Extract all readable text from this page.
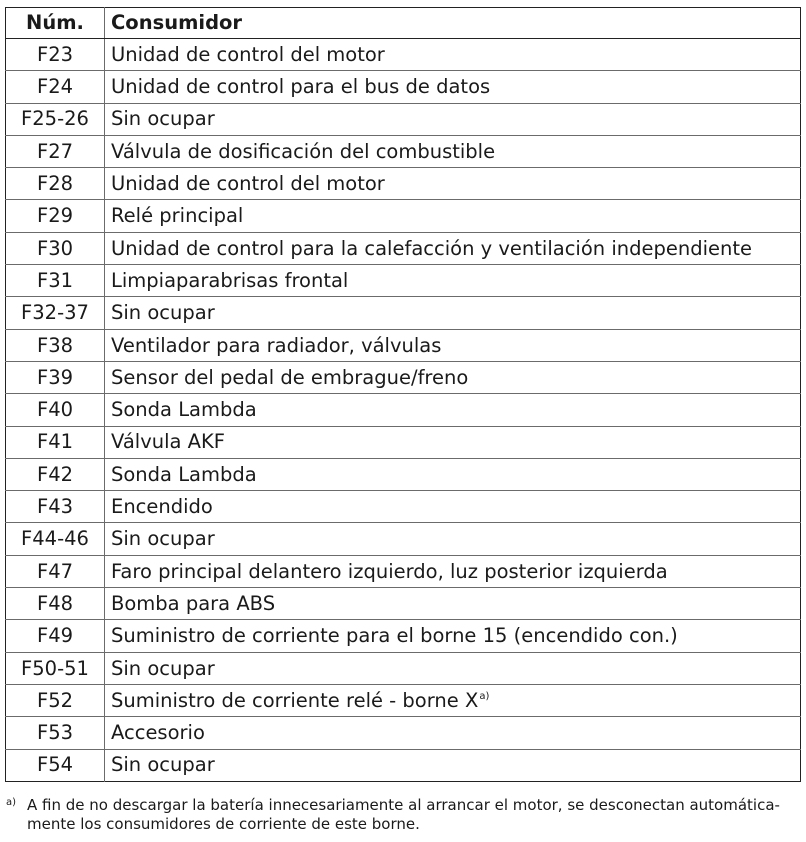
Núm.	Consumidor
F23	Unidad de control del motor
F24	Unidad de control para el bus de datos
F25-26	Sin ocupar
F27	Válvula de dosificación del combustible
F28	Unidad de control del motor
F29	Relé principal
F30	Unidad de control para la calefacción y ventilación independiente
F31	Limpiaparabrisas frontal
F32-37	Sin ocupar
F38	Ventilador para radiador, válvulas
F39	Sensor del pedal de embrague/freno
F40	Sonda Lambda
F41	Válvula AKF
F42	Sonda Lambda
F43	Encendido
F44-46	Sin ocupar
F47	Faro principal delantero izquierdo, luz posterior izquierda
F48	Bomba para ABS
F49	Suministro de corriente para el borne 15 (encendido con.)
F50-51	Sin ocupar
F52	Suministro de corriente relé - borne X$^{a)}$
F53	Accesorio
F54	Sin ocupar
a) A fin de no descargar la batería innecesariamente al arrancar el motor, se desconectan automática-
mente los consumidores de corriente de este borne.
